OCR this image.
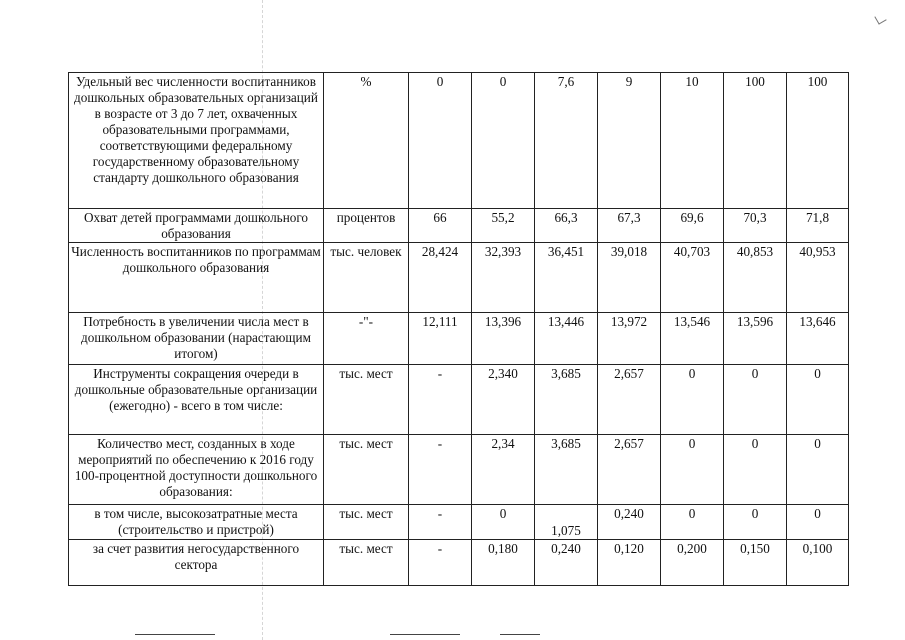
Удельный вес численности воспитанников дошкольных образовательных организаций в возрасте от 3 до 7 лет, охваченных образовательными программами, соответствующими федеральному государственному образовательному стандарту дошкольного образования	%	0	0	7,6	9	10	100	100
Охват детей программами дошкольного образования	процентов	66	55,2	66,3	67,3	69,6	70,3	71,8
Численность воспитанников по программам дошкольного образования	тыс. человек	28,424	32,393	36,451	39,018	40,703	40,853	40,953
Потребность в увеличении числа мест в дошкольном образовании (нарастающим итогом)	-"-	12,111	13,396	13,446	13,972	13,546	13,596	13,646
Инструменты сокращения очереди в дошкольные образовательные организации (ежегодно) - всего в том числе:	тыс. мест	-	2,340	3,685	2,657	0	0	0
Количество мест, созданных в ходе мероприятий по обеспечению к 2016 году 100-процентной доступности дошкольного образования:	тыс. мест	-	2,34	3,685	2,657	0	0	0
в том числе, высокозатратные места (строительство и пристрой)	тыс. мест	-	0	1,075	0,240	0	0	0
за счет развития негосударственного сектора	тыс. мест	-	0,180	0,240	0,120	0,200	0,150	0,100
